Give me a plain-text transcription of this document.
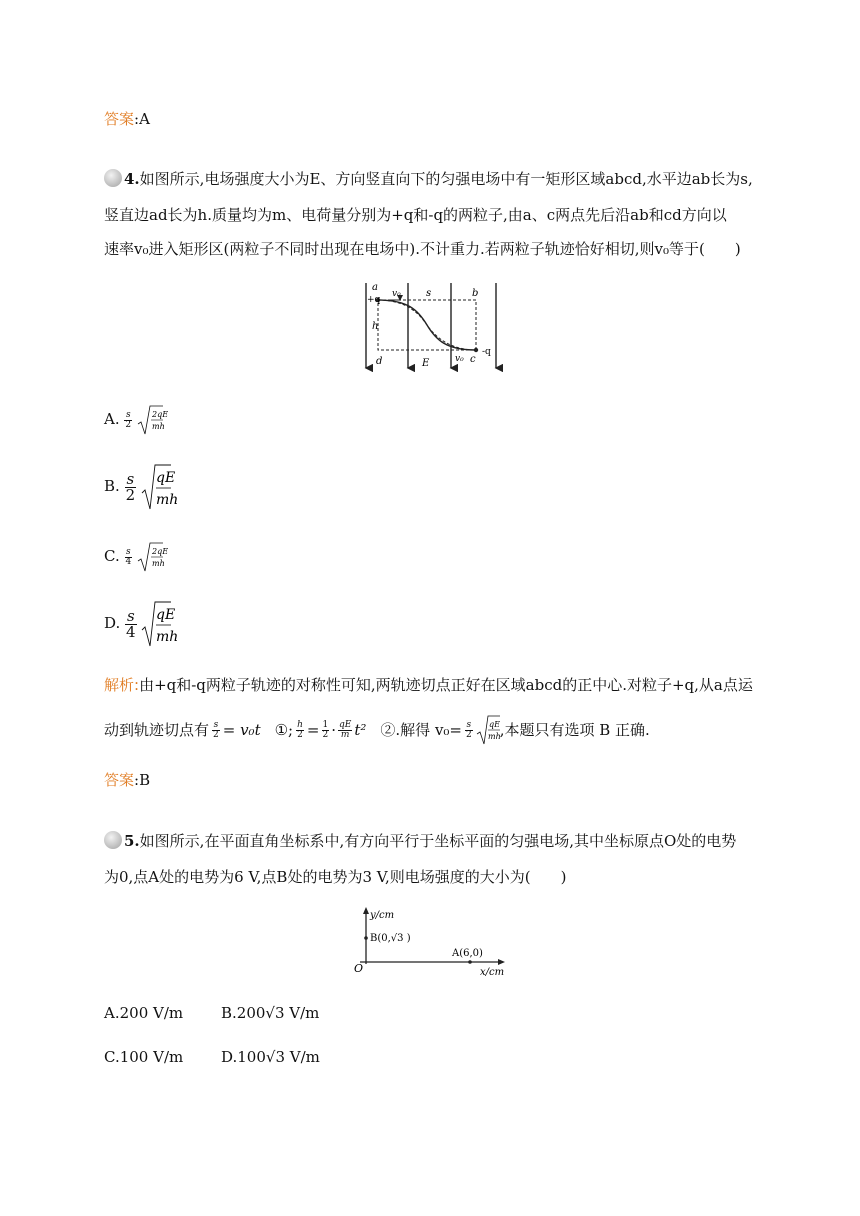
答案:A
4.如图所示,电场强度大小为E、方向竖直向下的匀强电场中有一矩形区域abcd,水平边ab长为s,
竖直边ad长为h.质量均为m、电荷量分别为+q和-q的两粒子,由a、c两点先后沿ab和cd方向以
速率v₀进入矩形区(两粒子不同时出现在电场中).不计重力.若两粒子轨迹恰好相切,则v₀等于(　　)
a
+q
v₀	s	b
h
d	E	v₀ c
-q
A. $\frac{s}{2}$
2qE
mh
B. $\frac{s}{2}$
qE
mh
C. $\frac{s}{4}$
2qE
mh
D. $\frac{s}{4}$
qE
mh
解析:由+q和-q两粒子轨迹的对称性可知,两轨迹切点正好在区域abcd的正中心.对粒子+q,从a点运
动到轨迹切点有 $\frac{s}{2} = v_0t$ ①; $\frac{h}{2} = \frac{1}{2} \cdot \frac{qE}{m} t^2$ ②.解得 $v_0= \frac{s}{2}$ qE
mh ,本题只有选项 B 正确.
答案:B
5.如图所示,在平面直角坐标系中,有方向平行于坐标平面的匀强电场,其中坐标原点O处的电势
为0,点A处的电势为6 V,点B处的电势为3 V,则电场强度的大小为(　　)
y/cm
B(0,√3 )
A(6,0)
O	x/cm
A.200 V/m	B.200√3 V/m
C.100 V/m	D.100√3 V/m
